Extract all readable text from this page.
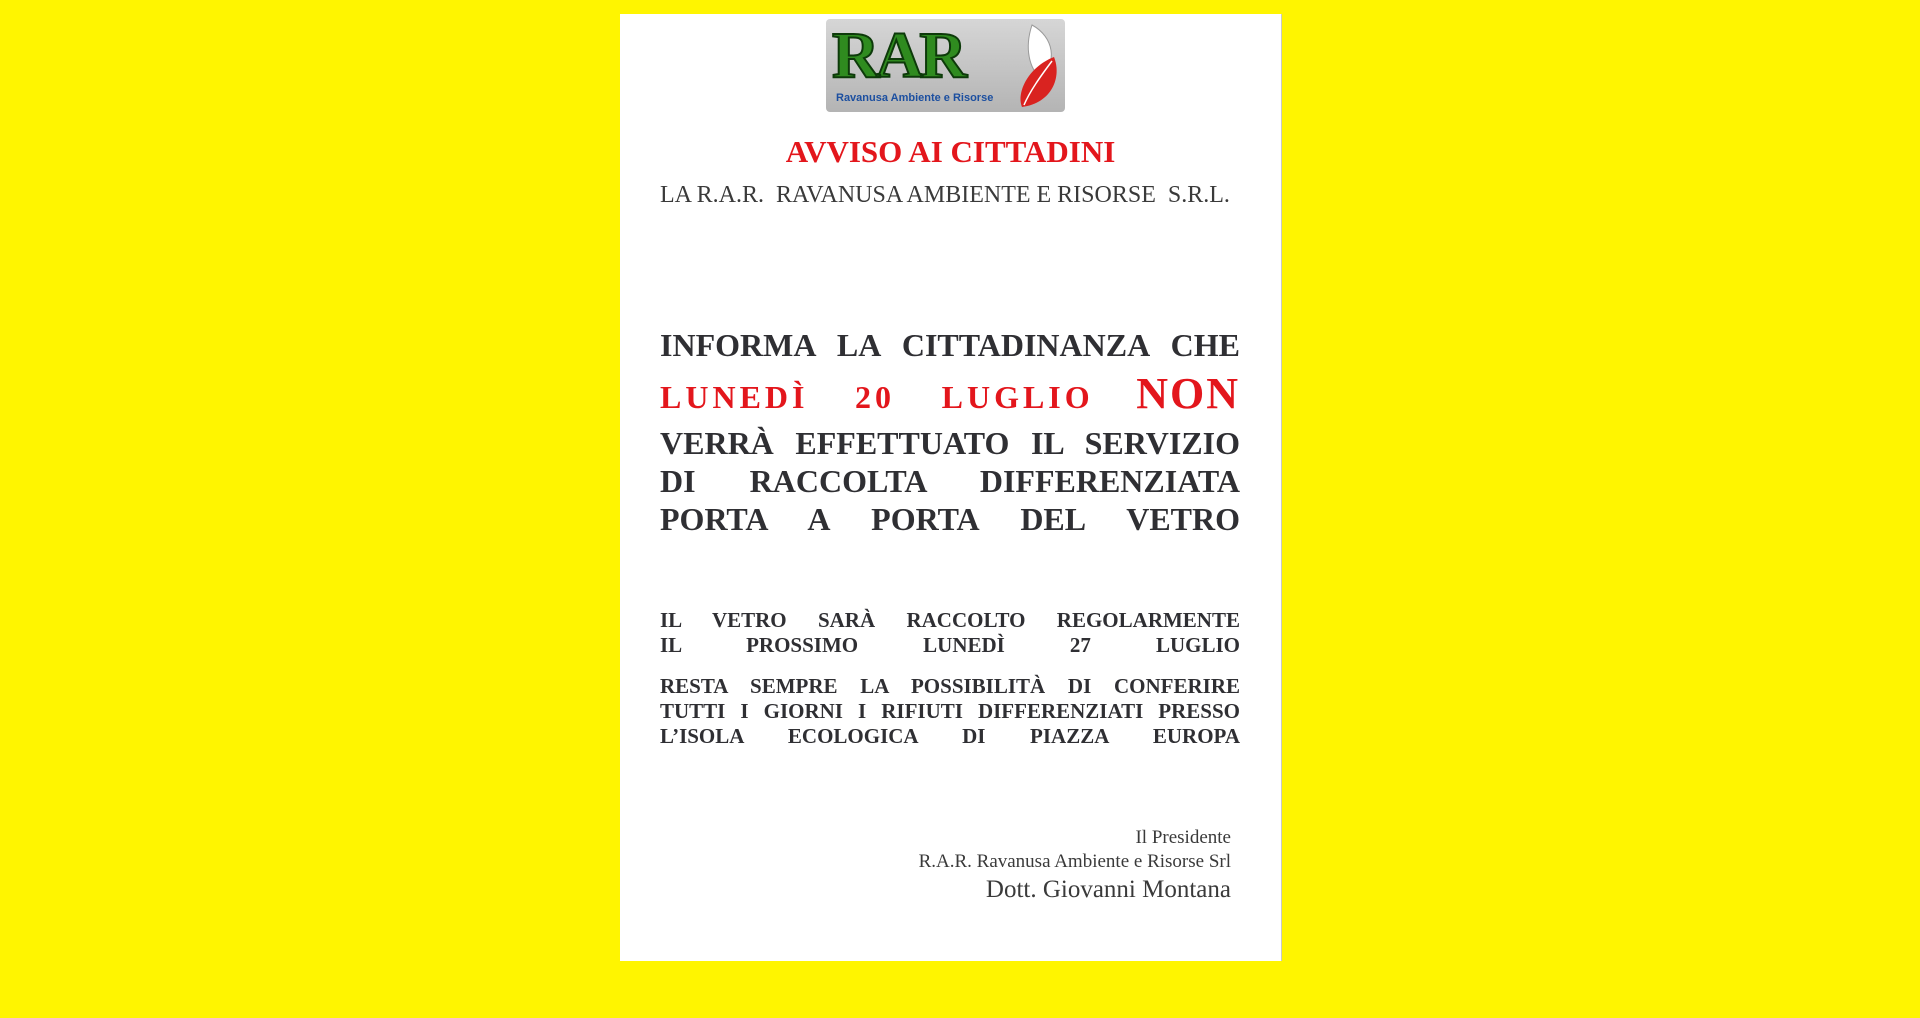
RAR
Ravanusa Ambiente e Risorse
AVVISO AI CITTADINI
LA R.A.R.  RAVANUSA AMBIENTE E RISORSE  S.R.L.
INFORMA LA CITTADINANZA CHE
LUNEDÌ 20 LUGLIO NON
VERRÀ EFFETTUATO IL SERVIZIO
DI RACCOLTA DIFFERENZIATA
PORTA A PORTA DEL VETRO
IL VETRO SARÀ RACCOLTO REGOLARMENTE
IL PROSSIMO LUNEDÌ 27 LUGLIO
RESTA SEMPRE LA POSSIBILITÀ DI CONFERIRE
TUTTI I GIORNI I RIFIUTI DIFFERENZIATI PRESSO
L’ISOLA ECOLOGICA DI PIAZZA EUROPA
Il Presidente
R.A.R. Ravanusa Ambiente e Risorse Srl
Dott. Giovanni Montana
